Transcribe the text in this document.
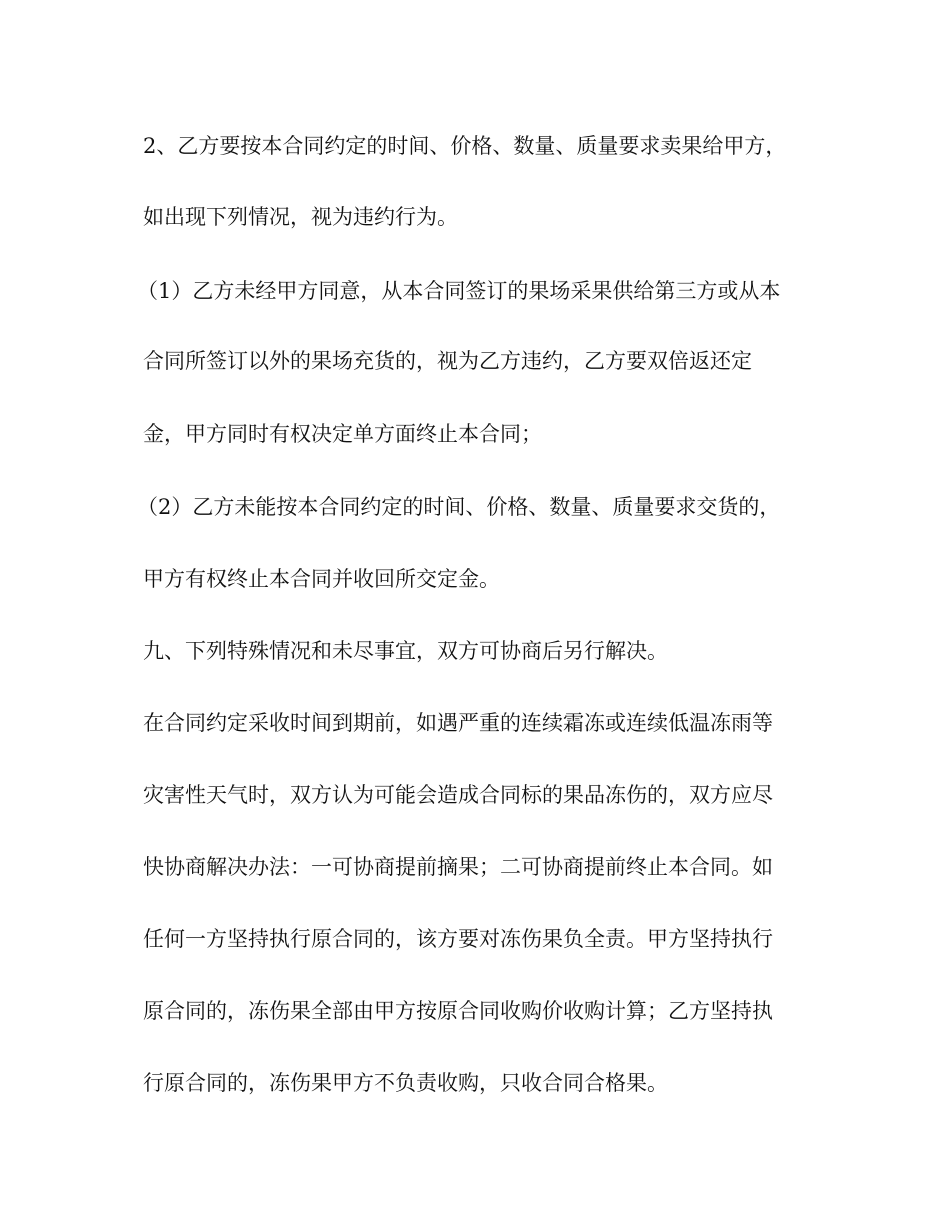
2、乙方要按本合同约定的时间、价格、数量、质量要求卖果给甲方，

如出现下列情况，视为违约行为。

（1）乙方未经甲方同意，从本合同签订的果场采果供给第三方或从本

合同所签订以外的果场充货的，视为乙方违约，乙方要双倍返还定

金，甲方同时有权决定单方面终止本合同；

（2）乙方未能按本合同约定的时间、价格、数量、质量要求交货的，

甲方有权终止本合同并收回所交定金。

九、下列特殊情况和未尽事宜，双方可协商后另行解决。

在合同约定采收时间到期前，如遇严重的连续霜冻或连续低温冻雨等

灾害性天气时，双方认为可能会造成合同标的果品冻伤的，双方应尽

快协商解决办法：一可协商提前摘果；二可协商提前终止本合同。如

任何一方坚持执行原合同的，该方要对冻伤果负全责。甲方坚持执行

原合同的，冻伤果全部由甲方按原合同收购价收购计算；乙方坚持执

行原合同的，冻伤果甲方不负责收购，只收合同合格果。
